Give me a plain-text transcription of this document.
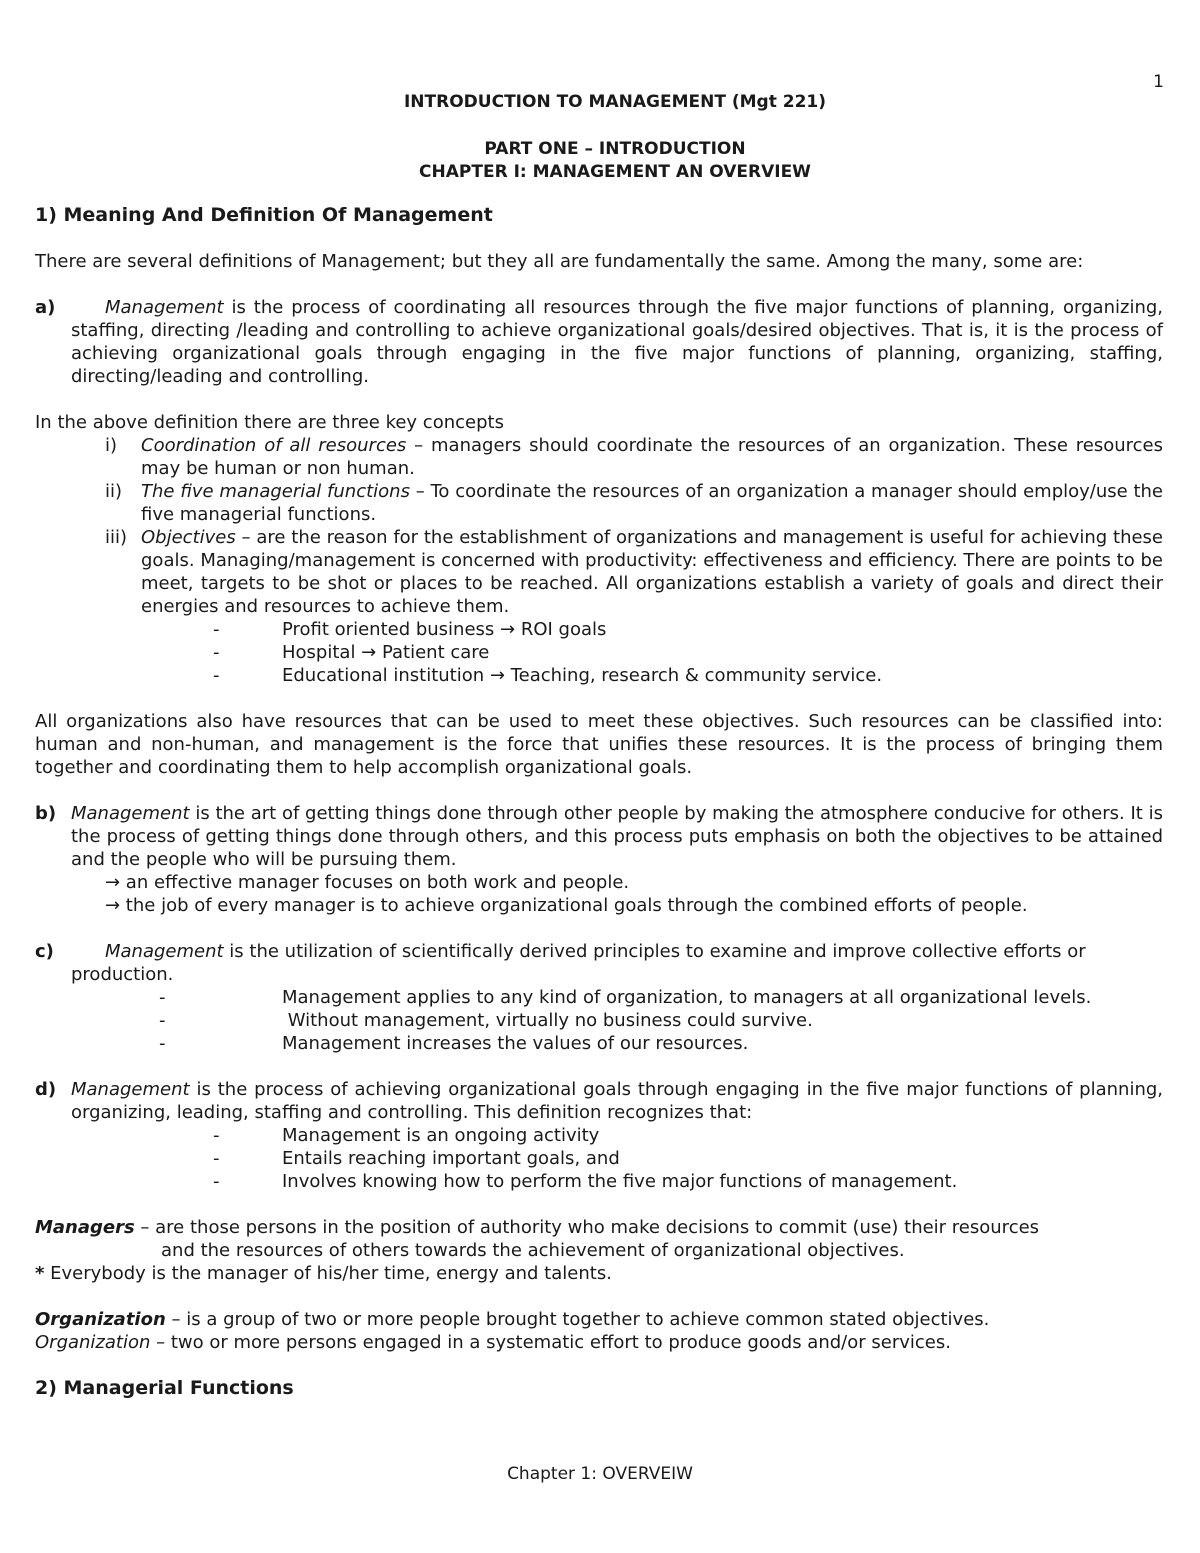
1
INTRODUCTION TO MANAGEMENT (Mgt 221)
PART ONE – INTRODUCTION
CHAPTER I: MANAGEMENT AN OVERVIEW

1) Meaning And Definition Of Management

There are several definitions of Management; but they all are fundamentally the same. Among the many, some are:

a)	Management is the process of coordinating all resources through the five major functions of planning, organizing, staffing, directing /leading and controlling to achieve organizational goals/desired objectives. That is, it is the process of achieving organizational goals through engaging in the five major functions of planning, organizing, staffing, directing/leading and controlling.

In the above definition there are three key concepts

i) Coordination of all resources – managers should coordinate the resources of an organization. These resources may be human or non human.
ii) The five managerial functions – To coordinate the resources of an organization a manager should employ/use the five managerial functions.
iii) Objectives – are the reason for the establishment of organizations and management is useful for achieving these goals. Managing/management is concerned with productivity: effectiveness and efficiency. There are points to be meet, targets to be shot or places to be reached. All organizations establish a variety of goals and direct their energies and resources to achieve them.
-	Profit oriented business → ROI goals
-	Hospital → Patient care
-	Educational institution → Teaching, research & community service.

All organizations also have resources that can be used to meet these objectives. Such resources can be classified into: human and non-human, and management is the force that unifies these resources. It is the process of bringing them together and coordinating them to help accomplish organizational goals.

b) Management is the art of getting things done through other people by making the atmosphere conducive for others. It is the process of getting things done through others, and this process puts emphasis on both the objectives to be attained and the people who will be pursuing them.
→ an effective manager focuses on both work and people.
→ the job of every manager is to achieve organizational goals through the combined efforts of people.
c)	Management is the utilization of scientifically derived principles to examine and improve collective efforts or production.
-	Management applies to any kind of organization, to managers at all organizational levels.
-	Without management, virtually no business could survive.
-	Management increases the values of our resources.
d) Management is the process of achieving organizational goals through engaging in the five major functions of planning, organizing, leading, staffing and controlling. This definition recognizes that:
-	Management is an ongoing activity
-	Entails reaching important goals, and
-	Involves knowing how to perform the five major functions of management.

Managers – are those persons in the position of authority who make decisions to commit (use) their resources

and the resources of others towards the achievement of organizational objectives.

* Everybody is the manager of his/her time, energy and talents.

Organization – is a group of two or more people brought together to achieve common stated objectives.

Organization – two or more persons engaged in a systematic effort to produce goods and/or services.

2) Managerial Functions

Chapter 1: OVERVEIW
